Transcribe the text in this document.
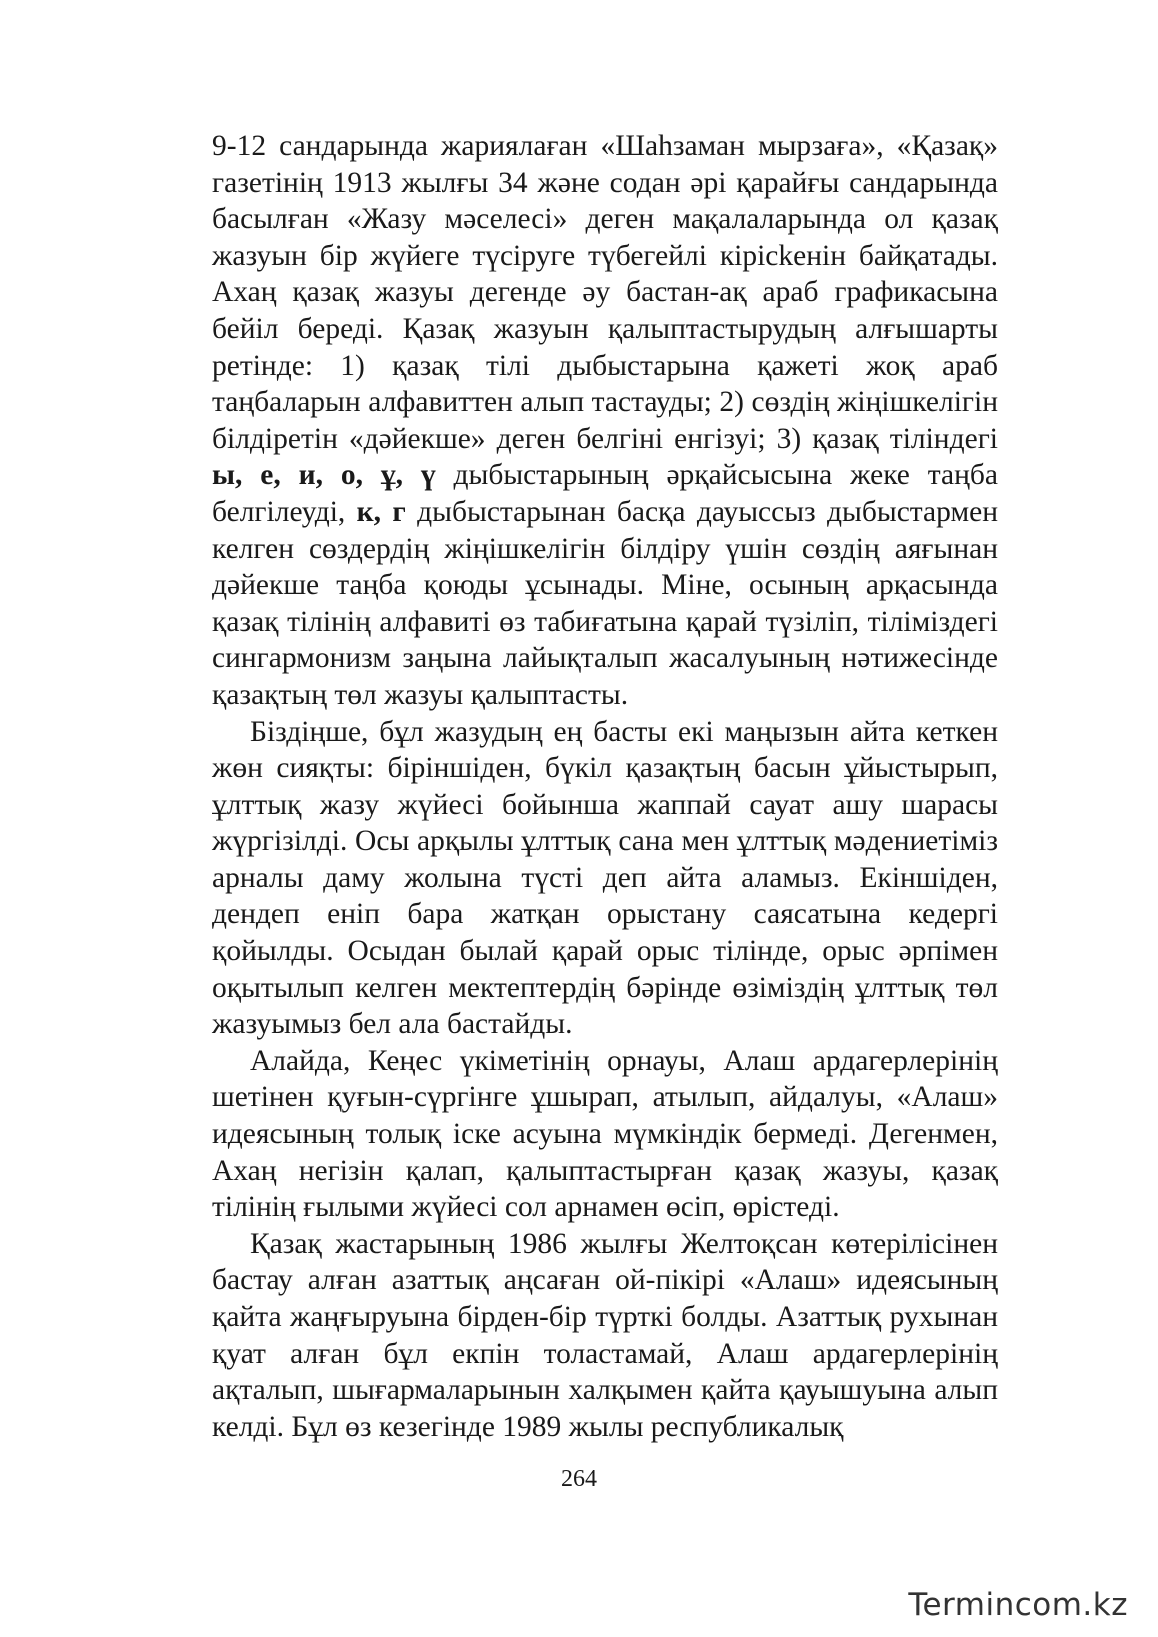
9-12 сандарында жариялаған «Шаһзаман мырзаға», «Қазақ» газетінің 1913 жылғы 34 және содан әрі қарайғы сандарында басылған «Жазу мәселесі» деген мақалаларында ол қазақ жазуын бір жүйеге түсіруге түбегейлі кірісkенін байқатады. Ахаң қазақ жазуы дегенде әу бастан-ақ араб графикасына бейіл береді. Қазақ жазуын қалыптастырудың алғышарты ретінде: 1) қазақ тілі дыбыстарына қажеті жоқ араб таңбаларын алфавиттен алып тастауды; 2) сөздің жіңішкелігін білдіретін «дәйекше» деген белгіні енгізуі; 3) қазақ тіліндегі ы, е, и, о, ұ, ү дыбыстарының әрқайсысына жеке таңба белгілеуді, к, г дыбыстарынан басқа дауыссыз дыбыстармен келген сөздердің жіңішкелігін білдіру үшін сөздің аяғынан дәйекше таңба қоюды ұсынады. Міне, осының арқасында қазақ тілінің алфавиті өз табиғатына қарай түзіліп, тіліміздегі сингармонизм заңына лайықталып жасалуының нәтижесінде қазақтың төл жазуы қалыптасты.

Біздіңше, бұл жазудың ең басты екі маңызын айта кеткен жөн сияқты: біріншіден, бүкіл қазақтың басын ұйыстырып, ұлттық жазу жүйесі бойынша жаппай сауат ашу шарасы жүргізілді. Осы арқылы ұлттық сана мен ұлттық мәдениетіміз арналы даму жолына түсті деп айта аламыз. Екіншіден, дендеп еніп бара жатқан орыстану саясатына кедергі қойылды. Осыдан былай қарай орыс тілінде, орыс әрпімен оқытылып келген мектептердің бәрінде өзіміздің ұлттық төл жазуымыз бел ала бастайды.

Алайда, Кеңес үкіметінің орнауы, Алаш ардагерлерінің шетінен қуғын-сүргінге ұшырап, атылып, айдалуы, «Алаш» идеясының толық іске асуына мүмкіндік бермеді. Дегенмен, Ахаң негізін қалап, қалыптастырған қазақ жазуы, қазақ тілінің ғылыми жүйесі сол арнамен өсіп, өрістеді.

Қазақ жастарының 1986 жылғы Желтоқсан көтерілісінен бастау алған азаттық аңсаған ой-пікірі «Алаш» идеясының қайта жаңғыруына бірден-бір түрткі болды. Азаттық рухынан қуат алған бұл екпін толастамай, Алаш ардагерлерінің ақталып, шығармаларынын халқымен қайта қауышуына алып келді. Бұл өз кезегінде 1989 жылы республикалық

264
Termincom.kz
